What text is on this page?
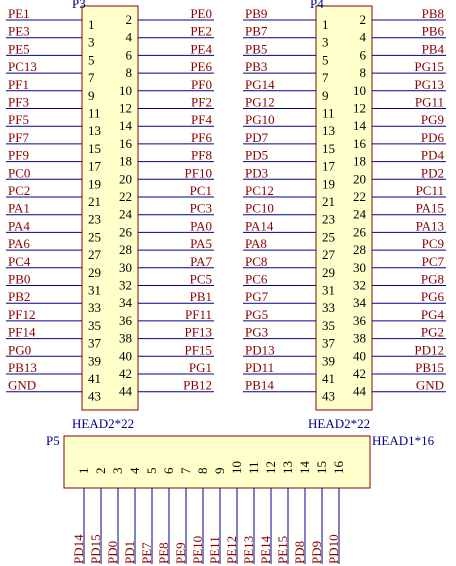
P3
HEAD2*22
PE1	PE0
1 2
PE3	PE2
3 4
PE5	PE4
5 6
PC13	PE6
7 8
PF1	PF0
9 10
PF3	PF2
11 12
PF5	PF4
13 14
PF7	PF6
15 16
PF9	PF8
17 18
PC0	PF10
19 20
PC2	PC1
21 22
PA1	PC3
23 24
PA4	PA0
25 26
PA6	PA5
27 28
PC4	PA7
29 30
PB0	PC5
31 32
PB2	PB1
33 34
PF12	PF11
35 36
PF14	PF13
37 38
PG0	PF15
39 40
PB13	PG1
41 42
GND	PB12
43 44
P4
HEAD2*22
PB9	PB8
1 2
PB7	PB6
3 4
PB5	PB4
5 6
PB3	PG15
7 8
PG14	PG13
9 10
PG12	PG11
11 12
PG10	PG9
13 14
PD7	PD6
15 16
PD5	PD4
17 18
PD3	PD2
19 20
PC12	PC11
21 22
PC10	PA15
23 24
PA14	PA13
25 26
PA8	PC9
27 28
PC8	PC7
29 30
PC6	PG8
31 32
PG7	PG6
33 34
PG5	PG4
35 36
PG3	PG2
37 38
PD13	PD12
39 40
PD11	PB15
41 42
PB14	GND
43 44
P5	HEAD1*16
1
PD14
2
PD15
3
PD0
4
PD1
5
PE7
6
PE8
7
PE9
8
PE10
9
PE11
10
PE12
11
PE13
12
PE14
13
PE15
14
PD8
15
PD9
16
PD10
